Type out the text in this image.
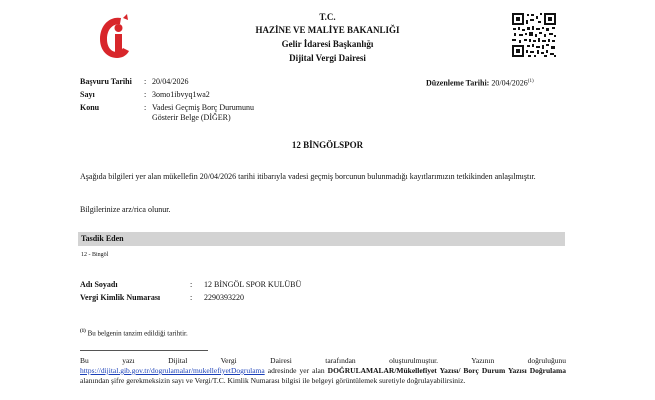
T.C.
HAZİNE VE MALİYE BAKANLIĞI
Gelir İdaresi Başkanlığı
Dijital Vergi Dairesi
Başvuru Tarihi : 20/04/2026
Sayı	: 3omo1ibvyq1wa2
Konu	: Vadesi Geçmiş Borç Durumunu
Gösterir Belge (DİĞER)
Düzenleme Tarihi: 20/04/2026$^{(1)}$
12 BİNGÖLSPOR
Aşağıda bilgileri yer alan mükellefin 20/04/2026 tarihi itibarıyla vadesi geçmiş borcunun bulunmadığı kayıtlarımızın tetkikinden anlaşılmıştır.
Bilgilerinize arz/rica olunur.
Tasdik Eden
12 - Bingöl
Adı Soyadı	: 12 BİNGÖL SPOR KULÜBÜ
Vergi Kimlik Numarası	: 2290393220
$^{(1)}$ Bu belgenin tanzim edildiği tarihtir.
Bu yazı Dijital Vergi Dairesi tarafından oluşturulmuştur. Yazının doğruluğunu
https://dijital.gib.gov.tr/dogrulamalar/mukellefiyetDogrulama adresinde yer alan DOĞRULAMALAR/Mükellefiyet Yazısı/ Borç Durum Yazısı Doğrulama alanından şifre gerekmeksizin sayı ve Vergi/T.C. Kimlik Numarası bilgisi ile belgeyi görüntülemek suretiyle doğrulayabilirsiniz.
